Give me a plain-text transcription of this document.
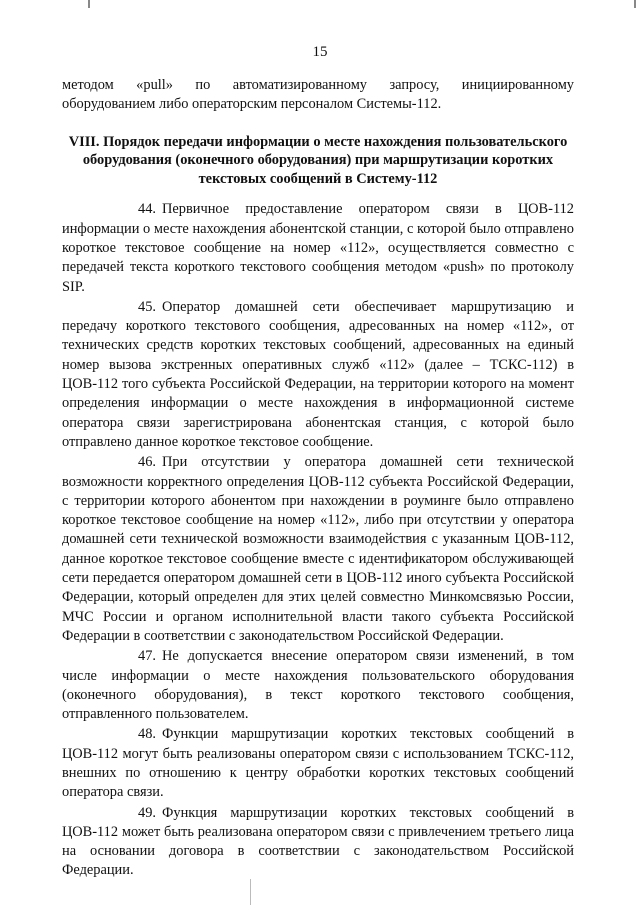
15

методом «pull» по автоматизированному запросу, инициированному оборудованием либо операторским персоналом Системы-112.

VIII. Порядок передачи информации о месте нахождения пользовательского оборудования (оконечного оборудования) при маршрутизации коротких текстовых сообщений в Систему-112

44. Первичное предоставление оператором связи в ЦОВ-112 информации о месте нахождения абонентской станции, с которой было отправлено короткое текстовое сообщение на номер «112», осуществляется совместно с передачей текста короткого текстового сообщения методом «push» по протоколу SIP.

45. Оператор домашней сети обеспечивает маршрутизацию и передачу короткого текстового сообщения, адресованных на номер «112», от технических средств коротких текстовых сообщений, адресованных на единый номер вызова экстренных оперативных служб «112» (далее – ТСКС-112) в ЦОВ-112 того субъекта Российской Федерации, на территории которого на момент определения информации о месте нахождения в информационной системе оператора связи зарегистрирована абонентская станция, с которой было отправлено данное короткое текстовое сообщение.

46. При отсутствии у оператора домашней сети технической возможности корректного определения ЦОВ-112 субъекта Российской Федерации, с территории которого абонентом при нахождении в роуминге было отправлено короткое текстовое сообщение на номер «112», либо при отсутствии у оператора домашней сети технической возможности взаимодействия с указанным ЦОВ-112, данное короткое текстовое сообщение вместе с идентификатором обслуживающей сети передается оператором домашней сети в ЦОВ-112 иного субъекта Российской Федерации, который определен для этих целей совместно Минкомсвязью России, МЧС России и органом исполнительной власти такого субъекта Российской Федерации в соответствии с законодательством Российской Федерации.

47. Не допускается внесение оператором связи изменений, в том числе информации о месте нахождения пользовательского оборудования (оконечного оборудования), в текст короткого текстового сообщения, отправленного пользователем.

48. Функции маршрутизации коротких текстовых сообщений в ЦОВ-112 могут быть реализованы оператором связи с использованием ТСКС-112, внешних по отношению к центру обработки коротких текстовых сообщений оператора связи.

49. Функция маршрутизации коротких текстовых сообщений в ЦОВ-112 может быть реализована оператором связи с привлечением третьего лица на основании договора в соответствии с законодательством Российской Федерации.
